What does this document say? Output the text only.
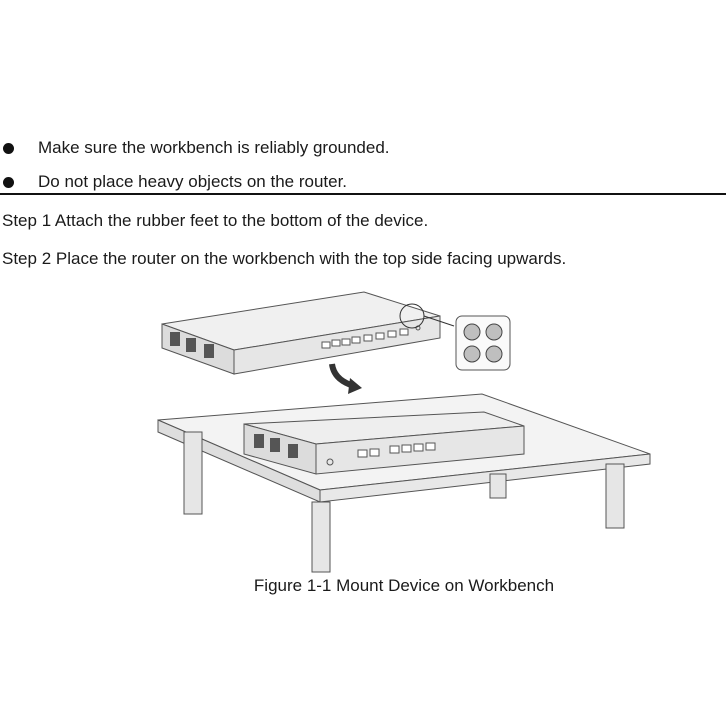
Make sure the workbench is reliably grounded.
Do not place heavy objects on the router.
Step 1 Attach the rubber feet to the bottom of the device.
Step 2 Place the router on the workbench with the top side facing upwards.
Figure 1-1 Mount Device on Workbench
